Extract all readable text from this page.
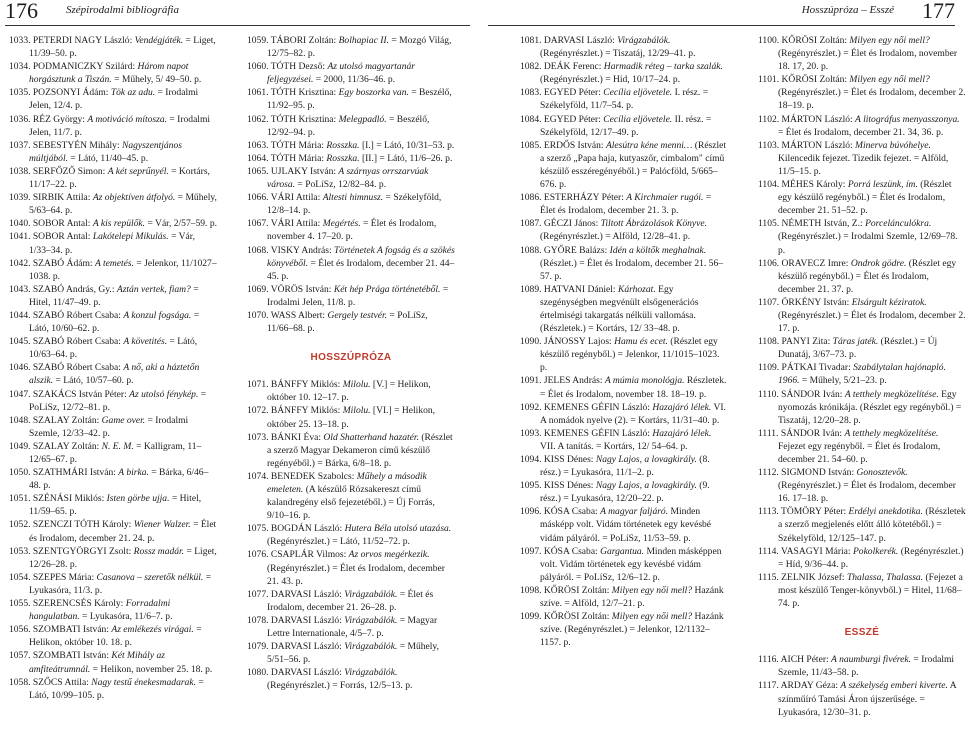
176	Szépirodalmi bibliográfia	Hosszúpróza – Esszé 177

1033. PETERDI NAGY László: Vendégjáték. = Liget, 11/39–50. p.

1034. PODMANICZKY Szilárd: Három napot horgásztunk a Tiszán. = Műhely, 5/ 49–50. p.

1035. POZSONYI Ádám: Tök az adu. = Irodalmi Jelen, 12/4. p.

1036. RÉZ György: A motiváció mítosza. = Irodalmi Jelen, 11/7. p.

1037. SEBESTYÉN Mihály: Nagyszentjános múltjából. = Látó, 11/40–45. p.

1038. SERFŐZŐ Simon: A két seprűnyél. = Kortárs, 11/17–22. p.

1039. SIRBIK Attila: Az objektíven átfolyó. = Műhely, 5/63–64. p.

1040. SOBOR Antal: A kis repülők. = Vár, 2/57–59. p.

1041. SOBOR Antal: Lakótelepi Mikulás. = Vár, 1/33–34. p.

1042. SZABÓ Ádám: A temetés. = Jelenkor, 11/1027–1038. p.

1043. SZABÓ András, Gy.: Aztán vertek, fiam? = Hitel, 11/47–49. p.

1044. SZABÓ Róbert Csaba: A konzul fogsága. = Látó, 10/60–62. p.

1045. SZABÓ Róbert Csaba: A követités. = Látó, 10/63–64. p.

1046. SZABÓ Róbert Csaba: A nő, aki a háztetőn alszik. = Látó, 10/57–60. p.

1047. SZAKÁCS István Péter: Az utolsó fénykép. = PoLíSz, 12/72–81. p.

1048. SZALAY Zoltán: Game over. = Irodalmi Szemle, 12/33–42. p.

1049. SZALAY Zoltán: N. E. M. = Kalligram, 11–12/65–67. p.

1050. SZATHMÁRI István: A birka. = Bárka, 6/46–48. p.

1051. SZÉNÁSI Miklós: Isten görbe ujja. = Hitel, 11/59–65. p.

1052. SZENCZI TÓTH Károly: Wiener Walzer. = Élet és Irodalom, december 21. 24. p.

1053. SZENTGYÖRGYI Zsolt: Rossz madár. = Liget, 12/26–28. p.

1054. SZEPES Mária: Casanova – szeretők nélkül. = Lyukasóra, 11/3. p.

1055. SZERENCSÉS Károly: Forradalmi hangulatban. = Lyukasóra, 11/6–7. p.

1056. SZOMBATI István: Az emlékezés virágai. = Helikon, október 10. 18. p.

1057. SZOMBATI István: Két Mihály az amfiteátrumnál. = Helikon, november 25. 18. p.

1058. SZŐCS Attila: Nagy testű énekesmadarak. = Látó, 10/99–105. p.

1059. TÁBORI Zoltán: Bolhapiac II. = Mozgó Világ, 12/75–82. p.

1060. TÓTH Dezső: Az utolsó magyartanár feljegyzései. = 2000, 11/36–46. p.

1061. TÓTH Krisztina: Egy boszorka van. = Beszélő, 11/92–95. p.

1062. TÓTH Krisztina: Melegpadló. = Beszélő, 12/92–94. p.

1063. TÓTH Mária: Rosszka. [I.] = Látó, 10/31–53. p.

1064. TÓTH Mária: Rosszka. [II.] = Látó, 11/6–26. p.

1065. UJLAKY István: A szárnyas orrszarvúak városa. = PoLíSz, 12/82–84. p.

1066. VÁRI Attila: Altesti himnusz. = Székelyföld, 12/8–14. p.

1067. VÁRI Attila: Megértés. = Élet és Irodalom, november 4. 17–20. p.

1068. VISKY András: Történetek A fogság és a szökés könyvéből. = Élet és Irodalom, december 21. 44–45. p.

1069. VÖRÖS István: Két hép Prága történetéből. = Irodalmi Jelen, 11/8. p.

1070. WASS Albert: Gergely testvér. = PoLíSz, 11/66–68. p.

HOSSZÚPRÓZA

1071. BÁNFFY Miklós: Milolu. [V.] = Helikon, október 10. 12–17. p.

1072. BÁNFFY Miklós: Milolu. [VI.] = Helikon, október 25. 13–18. p.

1073. BÁNKI Éva: Old Shatterhand hazatér. (Részlet a szerző Magyar Dekameron című készülő regényéből.) = Bárka, 6/8–18. p.

1074. BENEDEK Szabolcs: Műhely a második emeleten. (A készülő Rózsakereszt című kalandregény első fejezetéből.) = Új Forrás, 9/10–16. p.

1075. BOGDÁN László: Hutera Béla utolsó utazása. (Regényrészlet.) = Látó, 11/52–72. p.

1076. CSAPLÁR Vilmos: Az orvos megérkezik. (Regényrészlet.) = Élet és Irodalom, december 21. 43. p.

1077. DARVASI László: Virágzabálók. = Élet és Irodalom, december 21. 26–28. p.

1078. DARVASI László: Virágzabálók. = Magyar Lettre Internationale, 4/5–7. p.

1079. DARVASI László: Virágzabálók. = Műhely, 5/51–56. p.

1080. DARVASI László: Virágzabálók. (Regényrészlet.) = Forrás, 12/5–13. p.

1081. DARVASI László: Virágzabálók. (Regényrészlet.) = Tiszatáj, 12/29–41. p.

1082. DEÁK Ferenc: Harmadik réteg – tarka szalák. (Regényrészlet.) = Híd, 10/17–24. p.

1083. EGYED Péter: Cecília eljövetele. I. rész. = Székelyföld, 11/7–54. p.

1084. EGYED Péter: Cecília eljövetele. II. rész. = Székelyföld, 12/17–49. p.

1085. ERDŐS István: Alesútra kéne menni… (Részlet a szerző „Papa haja, kutyaszőr, cimbalom" című készülő esszéregényéből.) = Palócföld, 5/665–676. p.

1086. ESTERHÁZY Péter: A Kirchmaier rugói. = Élet és Irodalom, december 21. 3. p.

1087. GÉCZI János: Tiltott Ábrázolások Könyve. (Regényrészlet.) = Alföld, 12/28–41. p.

1088. GYŐRE Balázs: Idén a költők meghalnak. (Részlet.) = Élet és Irodalom, december 21. 56–57. p.

1089. HATVANI Dániel: Kárhozat. Egy szegénységben megvénült elsőgenerációs értelmiségi takargatás nélküli vallomása. (Részletek.) = Kortárs, 12/ 33–48. p.

1090. JÁNOSSY Lajos: Hamu és ecet. (Részlet egy készülő regényből.) = Jelenkor, 11/1015–1023. p.

1091. JELES András: A múmia monológja. Részletek. = Élet és Irodalom, november 18. 18–19. p.

1092. KEMENES GÉFIN László: Hazajáró lélek. VI. A nomádok nyelve (2). = Kortárs, 11/31–40. p.

1093. KEMENES GÉFIN László: Hazajáró lélek. VII. A tanítás. = Kortárs, 12/ 54–64. p.

1094. KISS Dénes: Nagy Lajos, a lovagkirály. (8. rész.) = Lyukasóra, 11/1–2. p.

1095. KISS Dénes: Nagy Lajos, a lovagkirály. (9. rész.) = Lyukasóra, 12/20–22. p.

1096. KÓSA Csaba: A magyar faljáró. Minden másképp volt. Vidám történetek egy kevésbé vidám pályáról. = PoLíSz, 11/53–59. p.

1097. KÓSA Csaba: Gargantua. Minden másképpen volt. Vidám történetek egy kevésbé vidám pályáról. = PoLíSz, 12/6–12. p.

1098. KŐRÖSI Zoltán: Milyen egy női mell? Hazánk szíve. = Alföld, 12/7–21. p.

1099. KŐRÖSI Zoltán: Milyen egy női mell? Hazánk szíve. (Regényrészlet.) = Jelenkor, 12/1132–1157. p.

1100. KŐRÖSI Zoltán: Milyen egy női mell? (Regényrészlet.) = Élet és Irodalom, november 18. 17, 20. p.

1101. KŐRÖSI Zoltán: Milyen egy női mell? (Regényrészlet.) = Élet és Irodalom, december 2. 18–19. p.

1102. MÁRTON László: A litográfus menyasszonya. = Élet és Irodalom, december 21. 34, 36. p.

1103. MÁRTON László: Minerva búvóhelye. Kilencedik fejezet. Tizedik fejezet. = Alföld, 11/5–15. p.

1104. MÉHES Károly: Porrá leszünk, ím. (Részlet egy készülő regényből.) = Élet és Irodalom, december 21. 51–52. p.

1105. NÉMETH István, Z.: Porcelánculókra. (Regényrészlet.) = Irodalmi Szemle, 12/69–78. p.

1106. ORAVECZ Imre: Ondrok gödre. (Részlet egy készülő regényből.) = Élet és Irodalom, december 21. 37. p.

1107. ÖRKÉNY István: Elsárgult kéziratok. (Regényrészlet.) = Élet és Irodalom, december 2. 17. p.

1108. PANYI Zita: Táras jaték. (Részlet.) = Új Dunatáj, 3/67–73. p.

1109. PÁTKAI Tivadar: Szabálytalan hajónapló. 1966. = Műhely, 5/21–23. p.

1110. SÁNDOR Iván: A tetthely megközelítése. Egy nyomozás krónikája. (Részlet egy regényből.) = Tiszatáj, 12/20–28. p.

1111. SÁNDOR Iván: A tetthely megközelítése. Fejezet egy regényből. = Élet és Irodalom, december 21. 54–60. p.

1112. SIGMOND István: Gonosztevők. (Regényrészlet.) = Élet és Irodalom, december 16. 17–18. p.

1113. TÖMÖRY Péter: Erdélyi anekdotika. (Részletek a szerző megjelenés előtt álló kötetéből.) = Székelyföld, 12/125–147. p.

1114. VASAGYI Mária: Pokolkerék. (Regényrészlet.) = Híd, 9/36–44. p.

1115. ZELNIK József: Thalassa, Thalassa. (Fejezet a most készülő Tenger-könyvből.) = Hitel, 11/68–74. p.

ESSZÉ

1116. AICH Péter: A naumburgi fivérek. = Irodalmi Szemle, 11/43–58. p.

1117. ARDAY Géza: A székelység emberi kiverte. A színműíró Tamási Áron újszerűsége. = Lyukasóra, 12/30–31. p.
